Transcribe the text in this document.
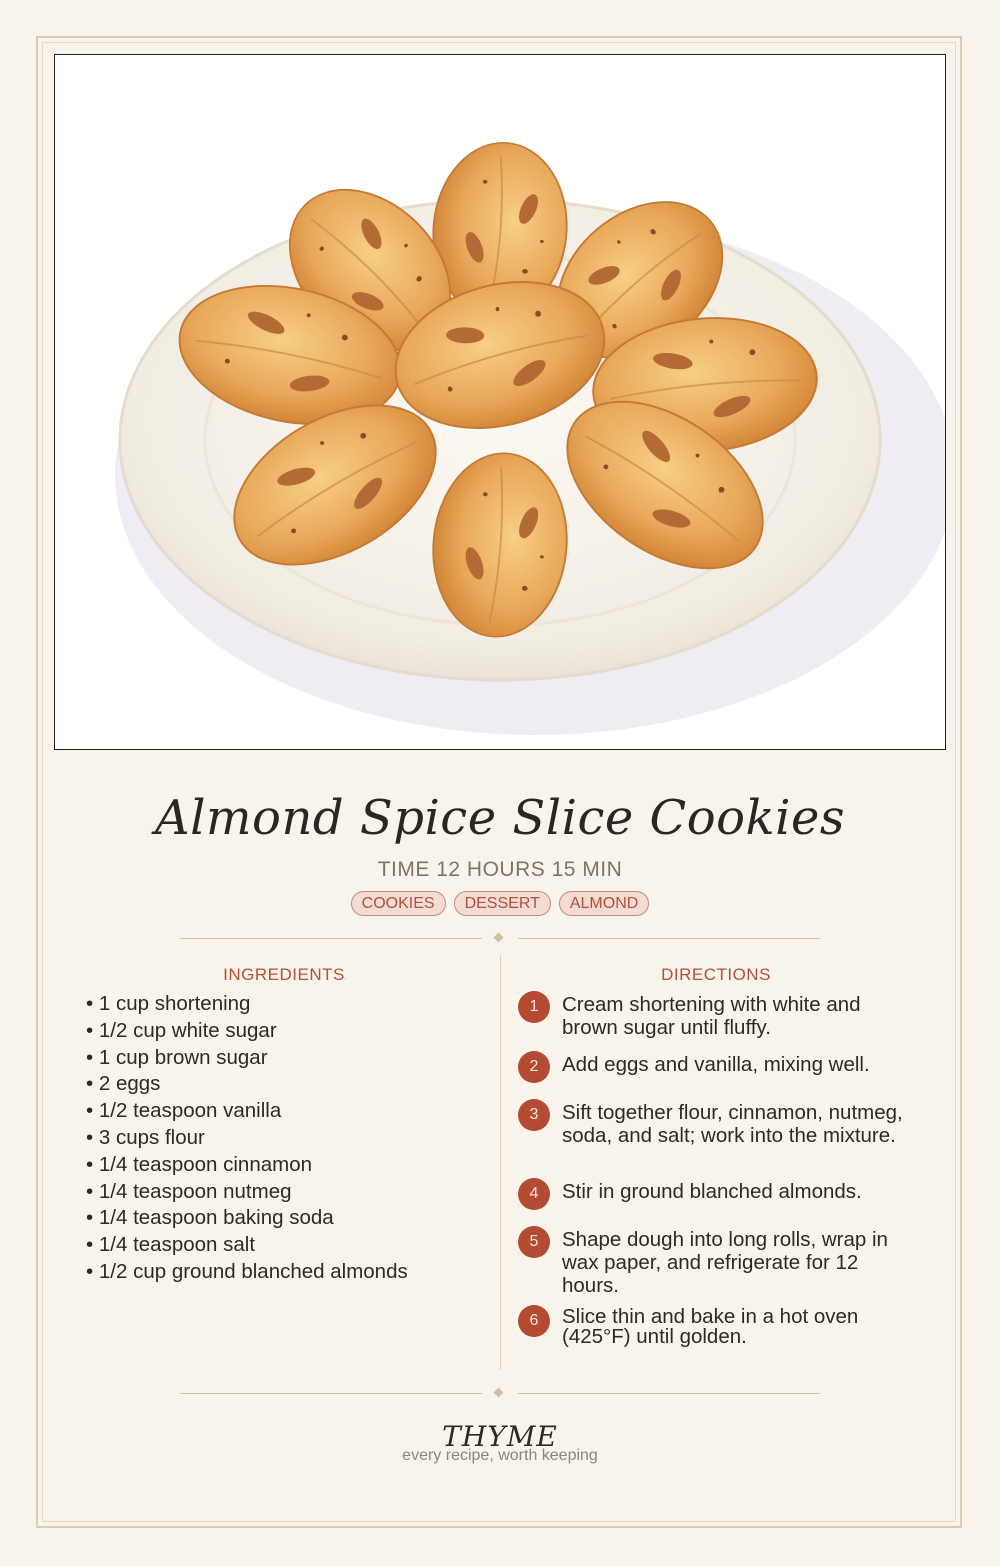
Almond Spice Slice Cookies
TIME 12 HOURS 15 MIN
COOKIES	DESSERT	ALMOND
INGREDIENTS	DIRECTIONS
• 1 cup shortening
• 1/2 cup white sugar
• 1 cup brown sugar
• 2 eggs
• 1/2 teaspoon vanilla
• 3 cups flour
• 1/4 teaspoon cinnamon
• 1/4 teaspoon nutmeg
• 1/4 teaspoon baking soda
• 1/4 teaspoon salt
• 1/2 cup ground blanched almonds
1	Cream shortening with white and brown sugar until fluffy.
2	Add eggs and vanilla, mixing well.
3	Sift together flour, cinnamon, nutmeg, soda, and salt; work into the mixture.
4	Stir in ground blanched almonds.
5	Shape dough into long rolls, wrap in wax paper, and refrigerate for 12 hours.
6	Slice thin and bake in a hot oven (425°F) until golden.
THYME
every recipe, worth keeping
